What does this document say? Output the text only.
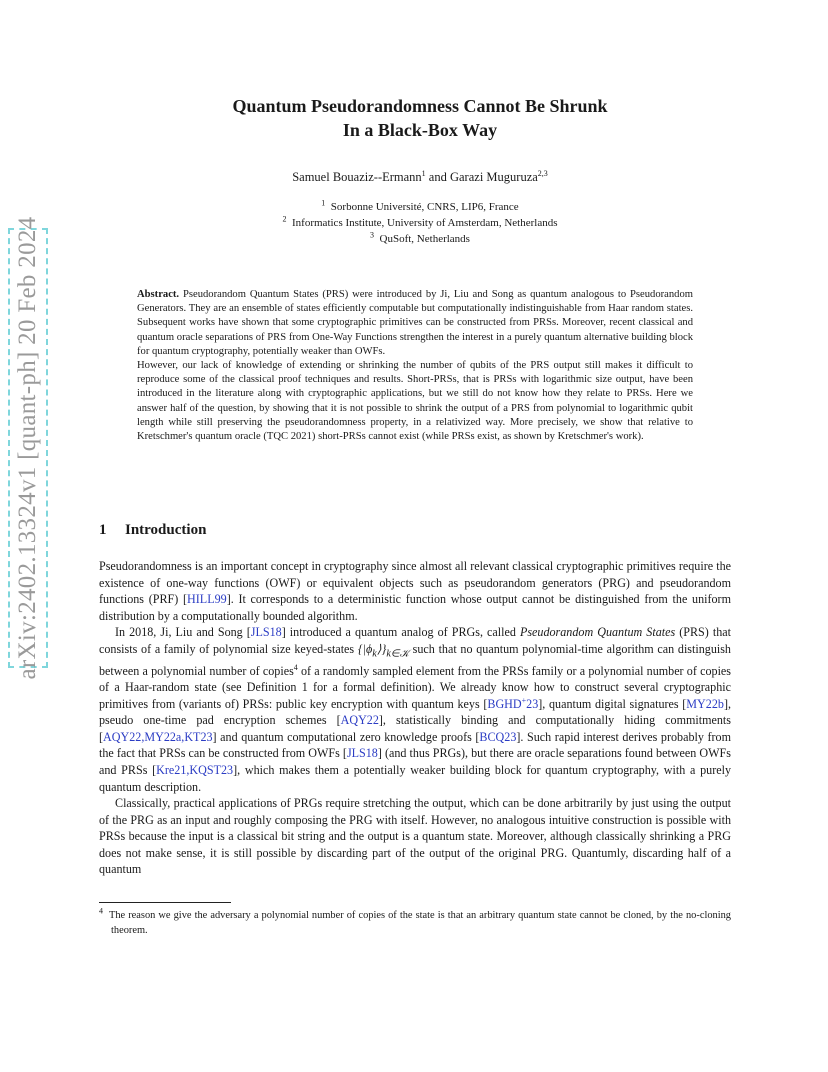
arXiv:2402.13324v1 [quant-ph] 20 Feb 2024
Quantum Pseudorandomness Cannot Be Shrunk
In a Black-Box Way
Samuel Bouaziz--Ermann$^1$ and Garazi Muguruza$^{2,3}$
$^1$ Sorbonne Université, CNRS, LIP6, France
$^2$ Informatics Institute, University of Amsterdam, Netherlands
$^3$ QuSoft, Netherlands

Abstract. Pseudorandom Quantum States (PRS) were introduced by Ji, Liu and Song as quantum analogous to Pseudorandom Generators. They are an ensemble of states efficiently computable but computationally indistinguishable from Haar random states. Subsequent works have shown that some cryptographic primitives can be constructed from PRSs. Moreover, recent classical and quantum oracle separations of PRS from One-Way Functions strengthen the interest in a purely quantum alternative building block for quantum cryptography, potentially weaker than OWFs.

However, our lack of knowledge of extending or shrinking the number of qubits of the PRS output still makes it difficult to reproduce some of the classical proof techniques and results. Short-PRSs, that is PRSs with logarithmic size output, have been introduced in the literature along with cryptographic applications, but we still do not know how they relate to PRSs. Here we answer half of the question, by showing that it is not possible to shrink the output of a PRS from polynomial to logarithmic qubit length while still preserving the pseudorandomness property, in a relativized way. More precisely, we show that relative to Kretschmer's quantum oracle (TQC 2021) short-PRSs cannot exist (while PRSs exist, as shown by Kretschmer's work).

1 Introduction

Pseudorandomness is an important concept in cryptography since almost all relevant classical cryptographic primitives require the existence of one-way functions (OWF) or equivalent objects such as pseudorandom generators (PRG) and pseudorandom functions (PRF) [HILL99]. It corresponds to a deterministic function whose output cannot be distinguished from the uniform distribution by a computationally bounded algorithm.

In 2018, Ji, Liu and Song [JLS18] introduced a quantum analog of PRGs, called Pseudorandom Quantum States (PRS) that consists of a family of polynomial size keyed-states $\{|\phi_k⟩\}_{k\in 𝒦}$ such that no quantum polynomial-time algorithm can distinguish between a polynomial number of copies$^4$ of a randomly sampled element from the PRSs family or a polynomial number of copies of a Haar-random state (see Definition 1 for a formal definition). We already know how to construct several cryptographic primitives from (variants of) PRSs: public key encryption with quantum keys [BGHD+23], quantum digital signatures [MY22b], pseudo one-time pad encryption schemes [AQY22], statistically binding and computationally hiding commitments [AQY22,MY22a,KT23] and quantum computational zero knowledge proofs [BCQ23]. Such rapid interest derives probably from the fact that PRSs can be constructed from OWFs [JLS18] (and thus PRGs), but there are oracle separations found between OWFs and PRSs [Kre21,KQST23], which makes them a potentially weaker building block for quantum cryptography, with a purely quantum description.

Classically, practical applications of PRGs require stretching the output, which can be done arbitrarily by just using the output of the PRG as an input and roughly composing the PRG with itself. However, no analogous intuitive construction is possible with PRSs because the input is a classical bit string and the output is a quantum state. Moreover, although classically shrinking a PRG does not make sense, it is still possible by discarding part of the output of the original PRG. Quantumly, discarding half of a quantum

$^4$ The reason we give the adversary a polynomial number of copies of the state is that an arbitrary quantum state cannot be cloned, by the no-cloning theorem.
